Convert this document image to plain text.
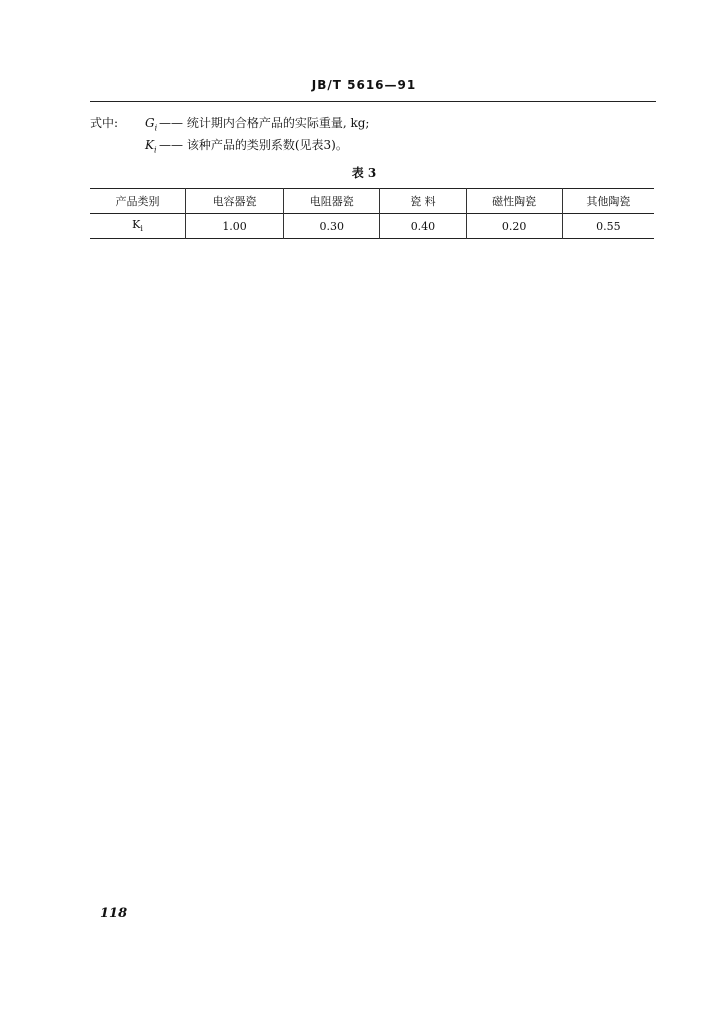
JB/T 5616—91
式中:	$G_i$ —— 统计期内合格产品的实际重量, kg;
$K_i$ —— 该种产品的类别系数(见表3)。
表 3
产品类别	电容器瓷	电阻器瓷	瓷 料	磁性陶瓷	其他陶瓷
$K_i$	1.00	0.30	0.40	0.20	0.55
118
